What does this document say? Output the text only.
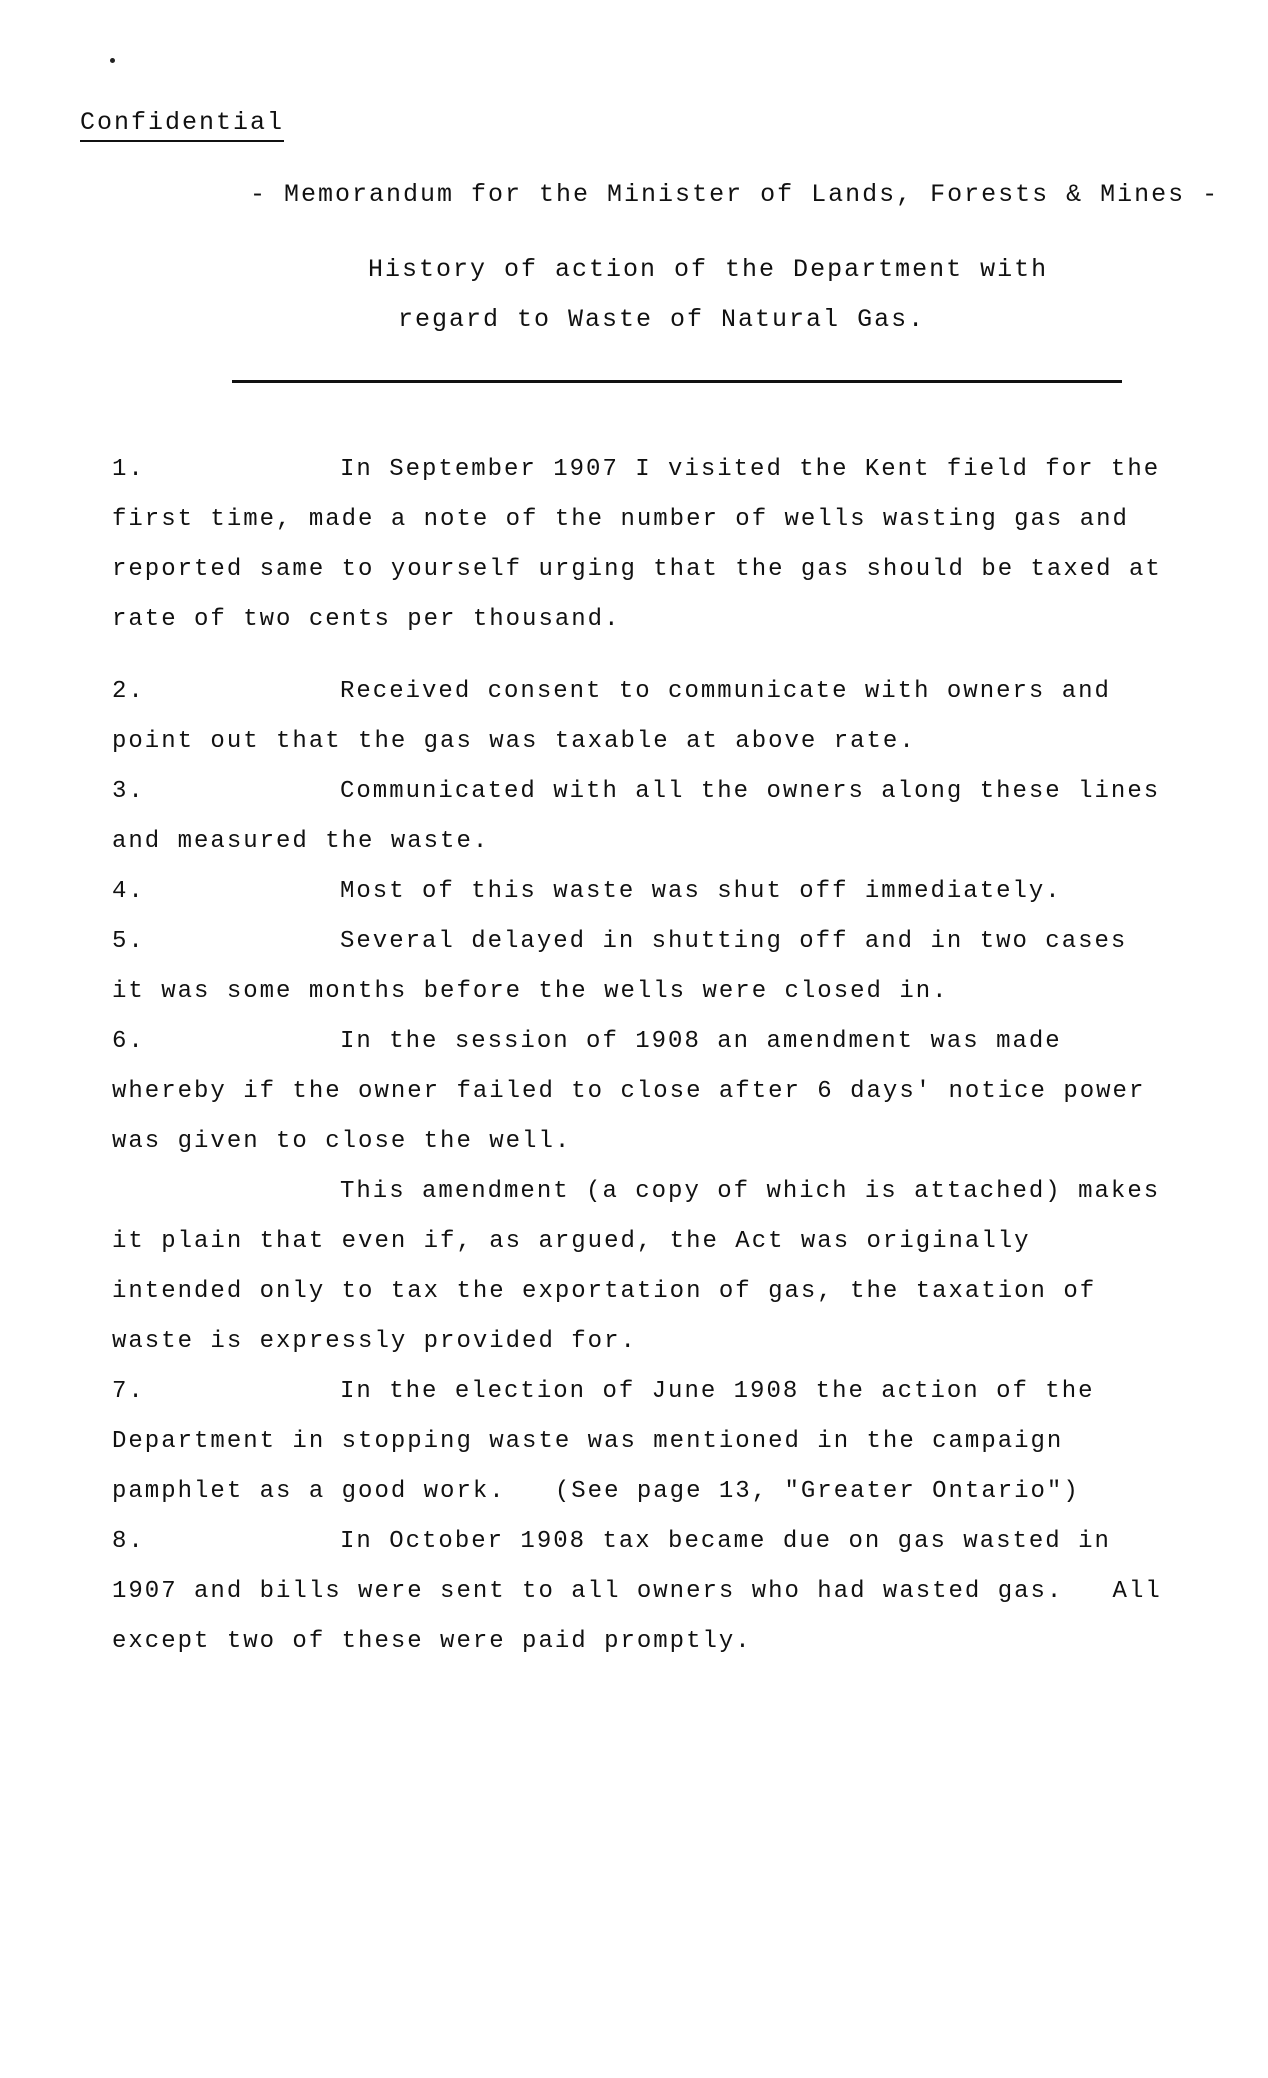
Confidential
- Memorandum for the Minister of Lands, Forests & Mines -
History of action of the Department with
regard to Waste of Natural Gas.
1.	In September 1907 I visited the Kent field for the first time, made a note of the number of wells wasting gas and reported same to yourself urging that the gas should be taxed at rate of two cents per thousand.

2.	Received consent to communicate with owners and point out that the gas was taxable at above rate.

3.	Communicated with all the owners along these lines and measured the waste.

4.	Most of this waste was shut off immediately.

5.	Several delayed in shutting off and in two cases it was some months before the wells were closed in.

6.	In the session of 1908 an amendment was made whereby if the owner failed to close after 6 days' notice power  was given to close the well.

This amendment (a copy of which is attached) makes it plain that even if, as argued, the Act was originally intended only to tax the exportation of gas, the taxation of waste is expressly provided for.

7.	In the election of June 1908 the action of the Department in stopping waste was mentioned in the campaign pamphlet as a good work.   (See page 13, "Greater Ontario")

8.	In October 1908 tax became due on gas wasted in 1907 and bills were sent to all owners who had wasted gas.   All except two of these were paid promptly.
